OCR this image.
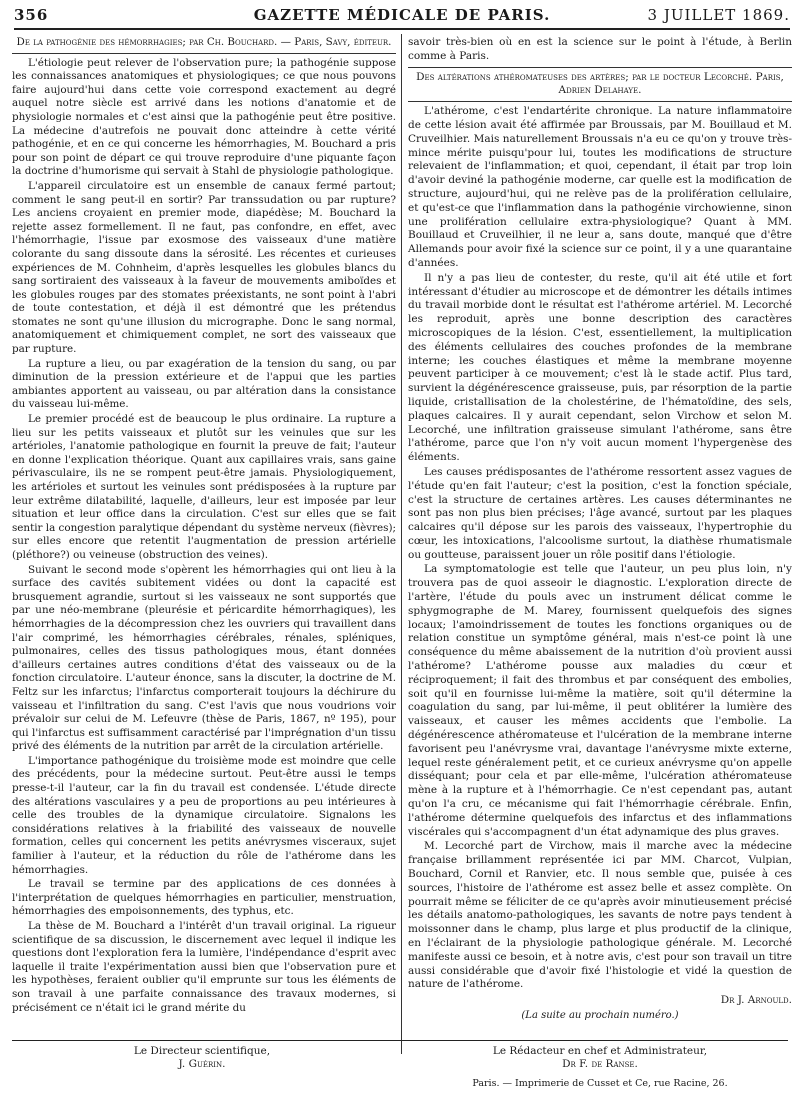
356	GAZETTE MÉDICALE DE PARIS.	3 JUILLET 1869.

De la pathogénie des hémorrhagies; par Ch. Bouchard. — Paris, Savy, éditeur.

L'étiologie peut relever de l'observation pure; la pathogénie suppose les connaissances anatomiques et physiologiques; ce que nous pouvons faire aujourd'hui dans cette voie correspond exactement au degré auquel notre siècle est arrivé dans les notions d'anatomie et de physiologie normales et c'est ainsi que la pathogénie peut être positive. La médecine d'autrefois ne pouvait donc atteindre à cette vérité pathogénie, et en ce qui concerne les hémorrhagies, M. Bouchard a pris pour son point de départ ce qui trouve reproduire d'une piquante façon la doctrine d'humorisme qui servait à Stahl de physiologie pathologique.

L'appareil circulatoire est un ensemble de canaux fermé partout; comment le sang peut-il en sortir? Par transsudation ou par rupture? Les anciens croyaient en premier mode, diapédèse; M. Bouchard la rejette assez formellement. Il ne faut, pas confondre, en effet, avec l'hémorrhagie, l'issue par exosmose des vaisseaux d'une matière colorante du sang dissoute dans la sérosité. Les récentes et curieuses expériences de M. Cohnheim, d'après lesquelles les globules blancs du sang sortiraient des vaisseaux à la faveur de mouvements amiboïdes et les globules rouges par des stomates préexistants, ne sont point à l'abri de toute contestation, et déjà il est démontré que les prétendus stomates ne sont qu'une illusion du micrographe. Donc le sang normal, anatomiquement et chimiquement complet, ne sort des vaisseaux que par rupture.

La rupture a lieu, ou par exagération de la tension du sang, ou par diminution de la pression extérieure et de l'appui que les parties ambiantes apportent au vaisseau, ou par altération dans la consistance du vaisseau lui-même.

Le premier procédé est de beaucoup le plus ordinaire. La rupture a lieu sur les petits vaisseaux et plutôt sur les veinules que sur les artérioles, l'anatomie pathologique en fournit la preuve de fait; l'auteur en donne l'explication théorique. Quant aux capillaires vrais, sans gaine périvasculaire, ils ne se rompent peut-être jamais. Physiologiquement, les artérioles et surtout les veinules sont prédisposées à la rupture par leur extrême dilatabilité, laquelle, d'ailleurs, leur est imposée par leur situation et leur office dans la circulation. C'est sur elles que se fait sentir la congestion paralytique dépendant du système nerveux (fièvres); sur elles encore que retentit l'augmentation de pression artérielle (pléthore?) ou veineuse (obstruction des veines).

Suivant le second mode s'opèrent les hémorrhagies qui ont lieu à la surface des cavités subitement vidées ou dont la capacité est brusquement agrandie, surtout si les vaisseaux ne sont supportés que par une néo-membrane (pleurésie et péricardite hémorrhagiques), les hémorrhagies de la décompression chez les ouvriers qui travaillent dans l'air comprimé, les hémorrhagies cérébrales, rénales, spléniques, pulmonaires, celles des tissus pathologiques mous, étant données d'ailleurs certaines autres conditions d'état des vaisseaux ou de la fonction circulatoire. L'auteur énonce, sans la discuter, la doctrine de M. Feltz sur les infarctus; l'infarctus comporterait toujours la déchirure du vaisseau et l'infiltration du sang. C'est l'avis que nous voudrions voir prévaloir sur celui de M. Lefeuvre (thèse de Paris, 1867, nº 195), pour qui l'infarctus est suffisamment caractérisé par l'imprégnation d'un tissu privé des éléments de la nutrition par arrêt de la circulation artérielle.

L'importance pathogénique du troisième mode est moindre que celle des précédents, pour la médecine surtout. Peut-être aussi le temps presse-t-il l'auteur, car la fin du travail est condensée. L'étude directe des altérations vasculaires y a peu de proportions au peu intérieures à celle des troubles de la dynamique circulatoire. Signalons les considérations relatives à la friabilité des vaisseaux de nouvelle formation, celles qui concernent les petits anévrysmes visceraux, sujet familier à l'auteur, et la réduction du rôle de l'athérome dans les hémorrhagies.

Le travail se termine par des applications de ces données à l'interprétation de quelques hémorrhagies en particulier, menstruation, hémorrhagies des empoisonnements, des typhus, etc.

La thèse de M. Bouchard a l'intérêt d'un travail original. La rigueur scientifique de sa discussion, le discernement avec lequel il indique les questions dont l'exploration fera la lumière, l'indépendance d'esprit avec laquelle il traite l'expérimentation aussi bien que l'observation pure et les hypothèses, feraient oublier qu'il emprunte sur tous les éléments de son travail à une parfaite connaissance des travaux modernes, si précisément ce n'était ici le grand mérite du

savoir très-bien où en est la science sur le point à l'étude, à Berlin comme à Paris.

Des altérations athéromateuses des artères; par le docteur Lecorché. Paris, Adrien Delahaye.

L'athérome, c'est l'endartérite chronique. La nature inflammatoire de cette lésion avait été affirmée par Broussais, par M. Bouillaud et M. Cruveilhier. Mais naturellement Broussais n'a eu ce qu'on y trouve très-mince mérite puisqu'pour lui, toutes les modifications de structure relevaient de l'inflammation; et quoi, cependant, il était par trop loin d'avoir deviné la pathogénie moderne, car quelle est la modification de structure, aujourd'hui, qui ne relève pas de la prolifération cellulaire, et qu'est-ce que l'inflammation dans la pathogénie virchowienne, sinon une prolifération cellulaire extra-physiologique? Quant à MM. Bouillaud et Cruveilhier, il ne leur a, sans doute, manqué que d'être Allemands pour avoir fixé la science sur ce point, il y a une quarantaine d'années.

Il n'y a pas lieu de contester, du reste, qu'il ait été utile et fort intéressant d'étudier au microscope et de démontrer les détails intimes du travail morbide dont le résultat est l'athérome artériel. M. Lecorché les reproduit, après une bonne description des caractères microscopiques de la lésion. C'est, essentiellement, la multiplication des éléments cellulaires des couches profondes de la membrane interne; les couches élastiques et même la membrane moyenne peuvent participer à ce mouvement; c'est là le stade actif. Plus tard, survient la dégénérescence graisseuse, puis, par résorption de la partie liquide, cristallisation de la cholestérine, de l'hématoïdine, des sels, plaques calcaires. Il y aurait cependant, selon Virchow et selon M. Lecorché, une infiltration graisseuse simulant l'athérome, sans être l'athérome, parce que l'on n'y voit aucun moment l'hypergenèse des éléments.

Les causes prédisposantes de l'athérome ressortent assez vagues de l'étude qu'en fait l'auteur; c'est la position, c'est la fonction spéciale, c'est la structure de certaines artères. Les causes déterminantes ne sont pas non plus bien précises; l'âge avancé, surtout par les plaques calcaires qu'il dépose sur les parois des vaisseaux, l'hypertrophie du cœur, les intoxications, l'alcoolisme surtout, la diathèse rhumatismale ou goutteuse, paraissent jouer un rôle positif dans l'étiologie.

La symptomatologie est telle que l'auteur, un peu plus loin, n'y trouvera pas de quoi asseoir le diagnostic. L'exploration directe de l'artère, l'étude du pouls avec un instrument délicat comme le sphygmographe de M. Marey, fournissent quelquefois des signes locaux; l'amoindrissement de toutes les fonctions organiques ou de relation constitue un symptôme général, mais n'est-ce point là une conséquence du même abaissement de la nutrition d'où provient aussi l'athérome? L'athérome pousse aux maladies du cœur et réciproquement; il fait des thrombus et par conséquent des embolies, soit qu'il en fournisse lui-même la matière, soit qu'il détermine la coagulation du sang, par lui-même, il peut oblitérer la lumière des vaisseaux, et causer les mêmes accidents que l'embolie. La dégénérescence athéromateuse et l'ulcération de la membrane interne favorisent peu l'anévrysme vrai, davantage l'anévrysme mixte externe, lequel reste généralement petit, et ce curieux anévrysme qu'on appelle disséquant; pour cela et par elle-même, l'ulcération athéromateuse mène à la rupture et à l'hémorrhagie. Ce n'est cependant pas, autant qu'on l'a cru, ce mécanisme qui fait l'hémorrhagie cérébrale. Enfin, l'athérome détermine quelquefois des infarctus et des inflammations viscérales qui s'accompagnent d'un état adynamique des plus graves.

M. Lecorché part de Virchow, mais il marche avec la médecine française brillamment représentée ici par MM. Charcot, Vulpian, Bouchard, Cornil et Ranvier, etc. Il nous semble que, puisée à ces sources, l'histoire de l'athérome est assez belle et assez complète. On pourrait même se féliciter de ce qu'après avoir minutieusement précisé les détails anatomo-pathologiques, les savants de notre pays tendent à moissonner dans le champ, plus large et plus productif de la clinique, en l'éclairant de la physiologie pathologique générale. M. Lecorché manifeste aussi ce besoin, et à notre avis, c'est pour son travail un titre aussi considérable que d'avoir fixé l'histologie et vidé la question de nature de l'athérome.

Dr J. Arnould.

(La suite au prochain numéro.)

Le Directeur scientifique,
J. Guérin.
Le Rédacteur en chef et Administrateur,
Dr F. de Ranse.
Paris. — Imprimerie de Cusset et Ce, rue Racine, 26.
